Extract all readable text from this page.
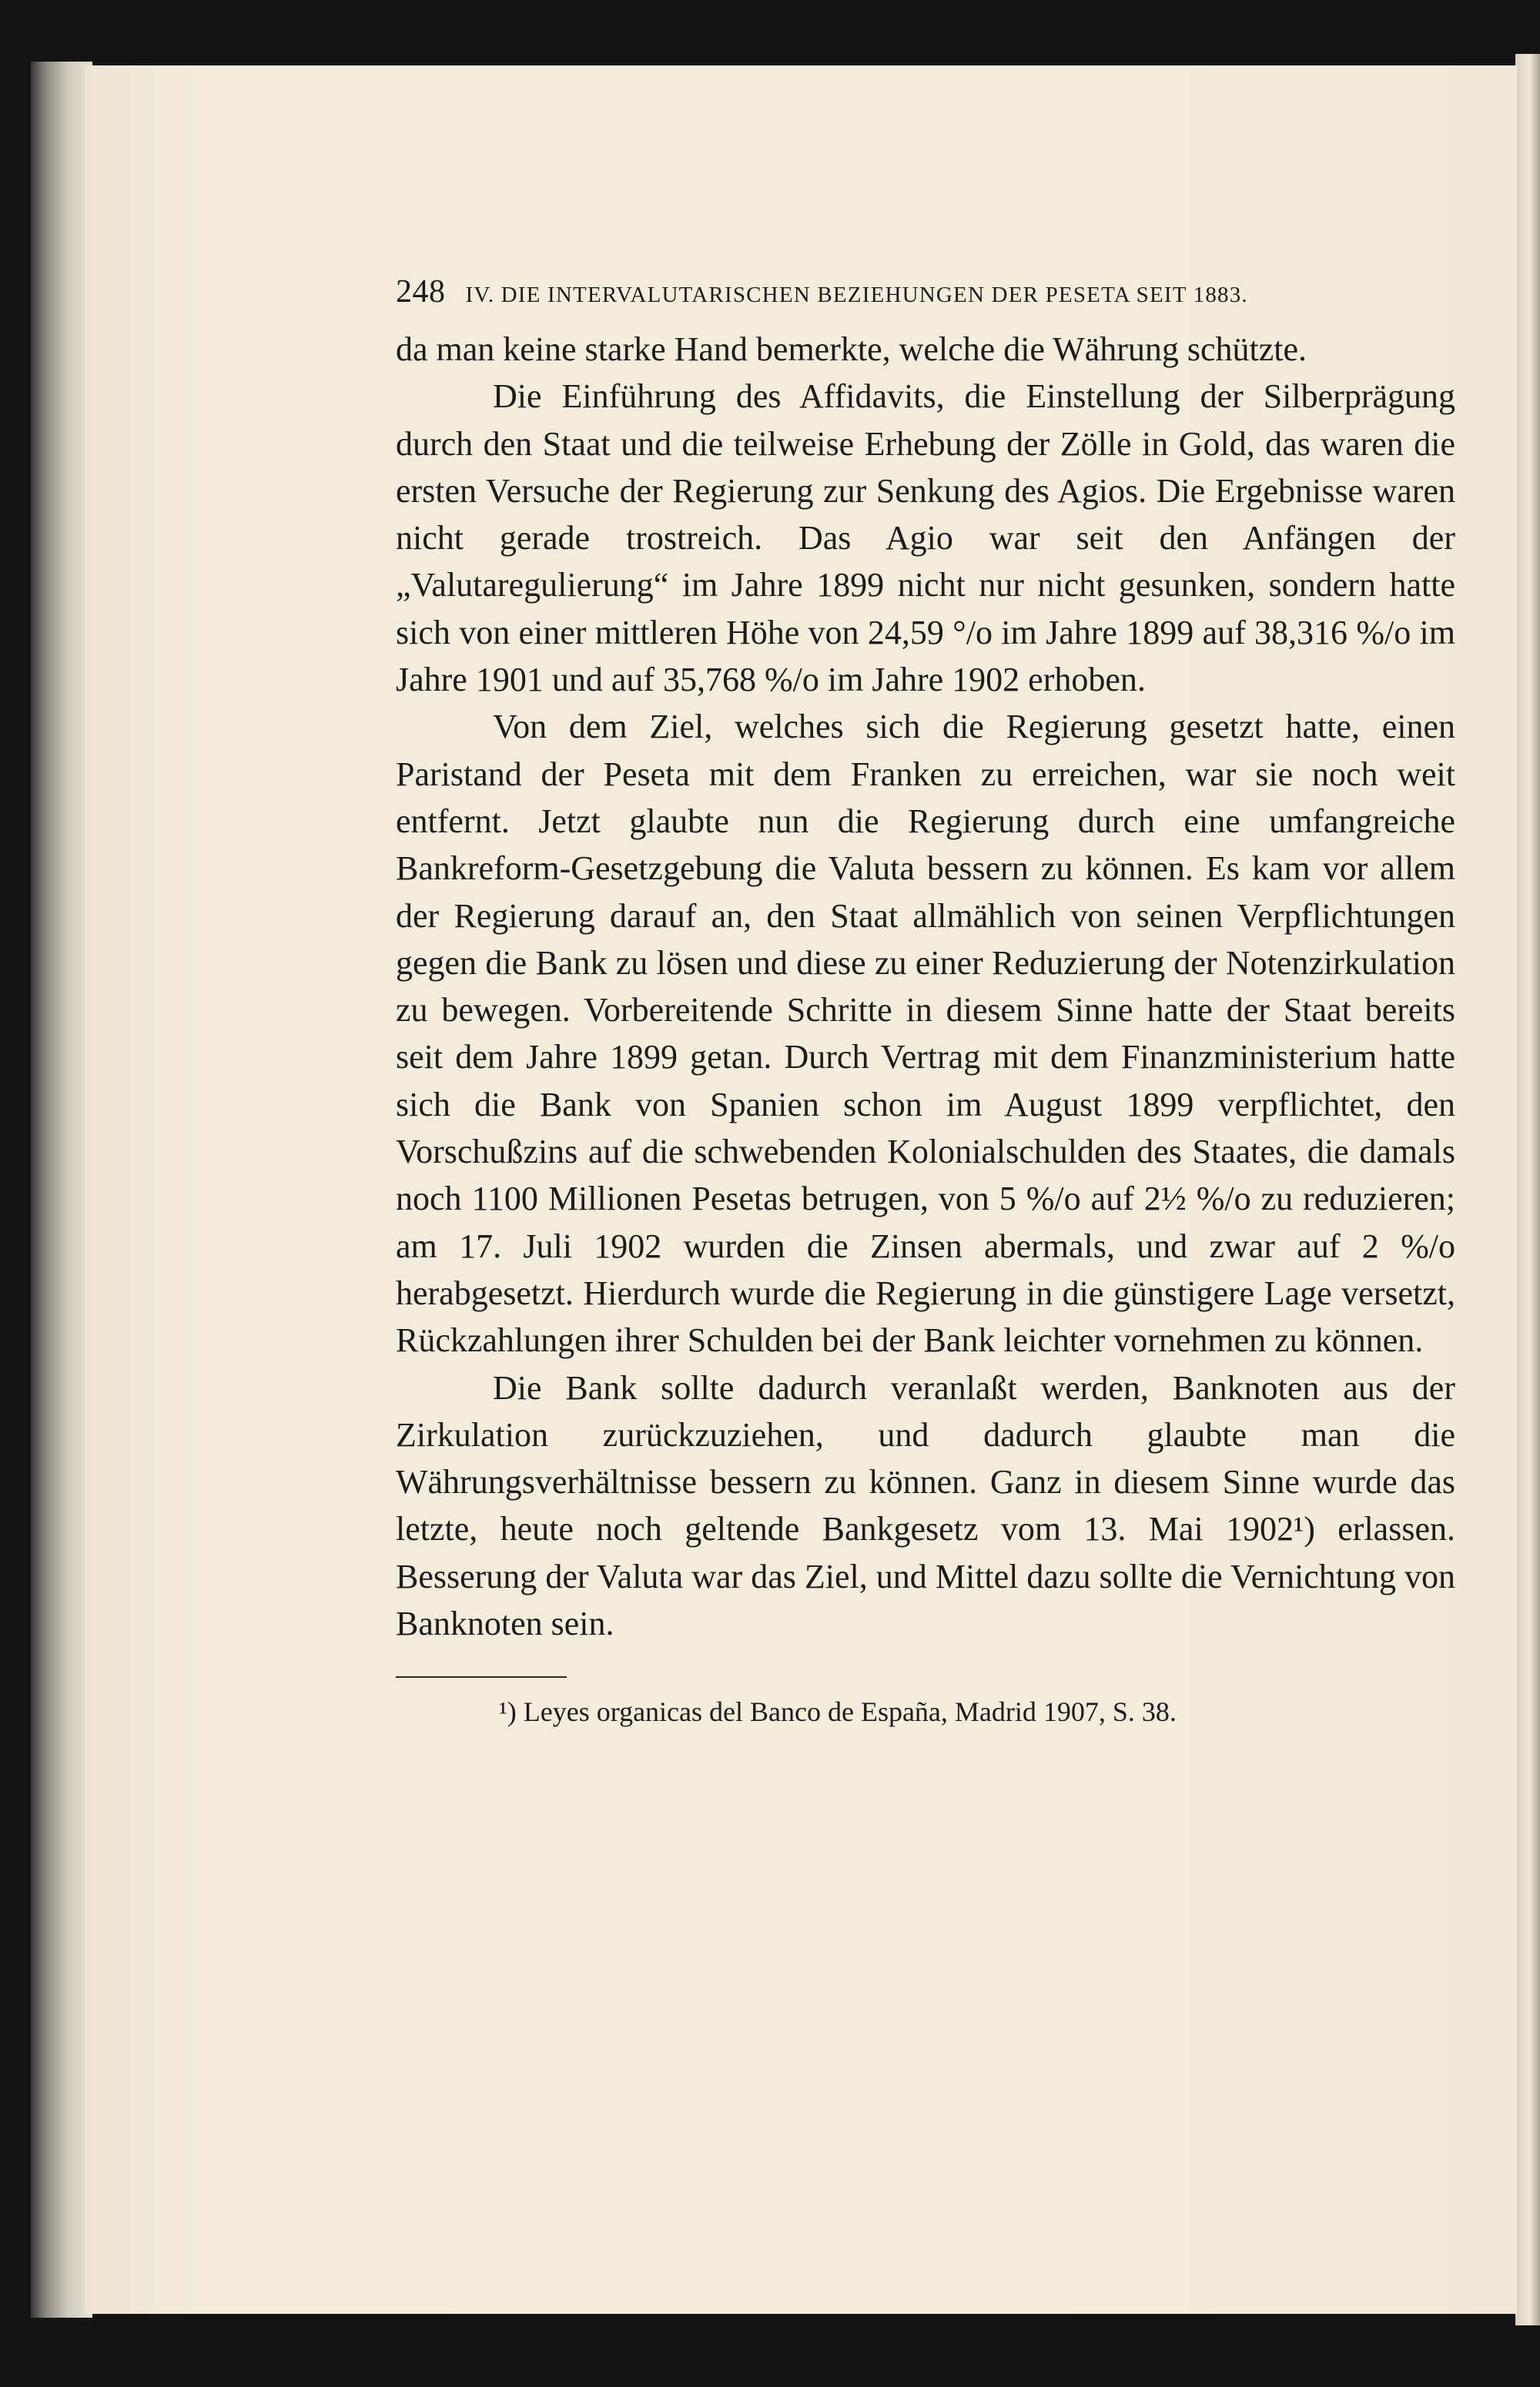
248 IV. DIE INTERVALUTARISCHEN BEZIEHUNGEN DER PESETA SEIT 1883.

da man keine starke Hand bemerkte, welche die Währung schützte.

Die Einführung des Affidavits, die Einstellung der Silberprägung durch den Staat und die teilweise Erhebung der Zölle in Gold, das waren die ersten Versuche der Regierung zur Senkung des Agios. Die Ergebnisse waren nicht gerade trostreich. Das Agio war seit den Anfängen der „Valutaregulierung“ im Jahre 1899 nicht nur nicht gesunken, sondern hatte sich von einer mittleren Höhe von 24,59 °/o im Jahre 1899 auf 38,316 %/o im Jahre 1901 und auf 35,768 %/o im Jahre 1902 erhoben.

Von dem Ziel, welches sich die Regierung gesetzt hatte, einen Paristand der Peseta mit dem Franken zu erreichen, war sie noch weit entfernt. Jetzt glaubte nun die Regierung durch eine umfangreiche Bankreform-Gesetzgebung die Valuta bessern zu können. Es kam vor allem der Regierung darauf an, den Staat allmählich von seinen Verpflichtungen gegen die Bank zu lösen und diese zu einer Reduzierung der Notenzirkulation zu bewegen. Vorbereitende Schritte in diesem Sinne hatte der Staat bereits seit dem Jahre 1899 getan. Durch Vertrag mit dem Finanzministerium hatte sich die Bank von Spanien schon im August 1899 verpflichtet, den Vorschußzins auf die schwebenden Kolonialschulden des Staates, die damals noch 1100 Millionen Pesetas betrugen, von 5 %/o auf 2½ %/o zu reduzieren; am 17. Juli 1902 wurden die Zinsen abermals, und zwar auf 2 %/o herabgesetzt. Hierdurch wurde die Regierung in die günstigere Lage versetzt, Rückzahlungen ihrer Schulden bei der Bank leichter vornehmen zu können.

Die Bank sollte dadurch veranlaßt werden, Banknoten aus der Zirkulation zurückzuziehen, und dadurch glaubte man die Währungsverhältnisse bessern zu können. Ganz in diesem Sinne wurde das letzte, heute noch geltende Bankgesetz vom 13. Mai 1902¹) erlassen. Besserung der Valuta war das Ziel, und Mittel dazu sollte die Vernichtung von Banknoten sein.

¹) Leyes organicas del Banco de España, Madrid 1907, S. 38.
